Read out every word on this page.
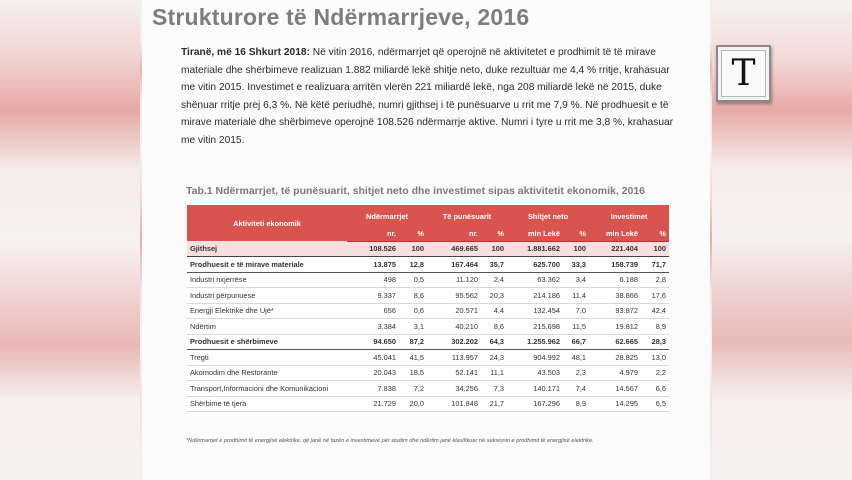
Strukturore të Ndërmarrjeve, 2016
Tiranë, më 16 Shkurt 2018: Në vitin 2016, ndërmarrjet që operojnë në aktivitetet e prodhimit të të mirave materiale dhe shërbimeve realizuan 1.882 miliardë lekë shitje neto, duke rezultuar me 4,4 % rritje, krahasuar me vitin 2015. Investimet e realizuara arritën vlerën 221 miliardë lekë, nga 208 miliardë lekë në 2015, duke shënuar rritje prej 6,3 %. Në këtë periudhë, numri gjithsej i të punësuarve u rrit me 7,9 %. Në prodhuesit e të mirave materiale dhe shërbimeve operojnë 108.526 ndërmarrje aktive. Numri i tyre u rrit me 3,8 %, krahasuar me vitin 2015.
Tab.1 Ndërmarrjet, të punësuarit, shitjet neto dhe investimet sipas aktivitetit ekonomik, 2016
Aktiviteti ekonomik	Ndërmarrjet		Të punësuarit		Shitjet neto		Investimet	
	nr.	%	nr.	%	mln Lekë	%	mln Lekë	%
Gjithsej	108.526	100	469.665	100	1.881.662	100	221.404	100
Prodhuesit e të mirave materiale	13.875	12,8	167.464	35,7	625.700	33,3	158.739	71,7
Industri nxjerrëse	498	0,5	11.120	2,4	63.362	3,4	6.188	2,8
Industri përpunuese	9.337	8,6	95.562	20,3	214.186	11,4	38.866	17,6
Energji Elektrike dhe Ujë*	656	0,6	20.571	4,4	132.454	7,0	93.872	42,4
Ndërtim	3.384	3,1	40.210	8,6	215.698	11,5	19.812	8,9
Prodhuesit e shërbimeve	94.650	87,2	302.202	64,3	1.255.962	66,7	62.665	28,3
Tregti	45.041	41,5	113.957	24,3	904.992	48,1	28.825	13,0
Akomodim dhe Restorante	20.043	18,5	52.141	11,1	43.503	2,3	4.979	2,2
Transport,Informacioni dhe Komunikacioni	7.838	7,2	34.256	7,3	140.171	7,4	14.567	6,6
Shërbime të tjera	21.729	20,0	101.848	21,7	167.296	8,9	14.295	6,5
*Ndërmarrjet e prodhimit të energjisë elektrike, që janë në fazën e investimeve për studim dhe ndërtim janë klasifikuar në seksionin e prodhimit të energjisë elektrike.
T
